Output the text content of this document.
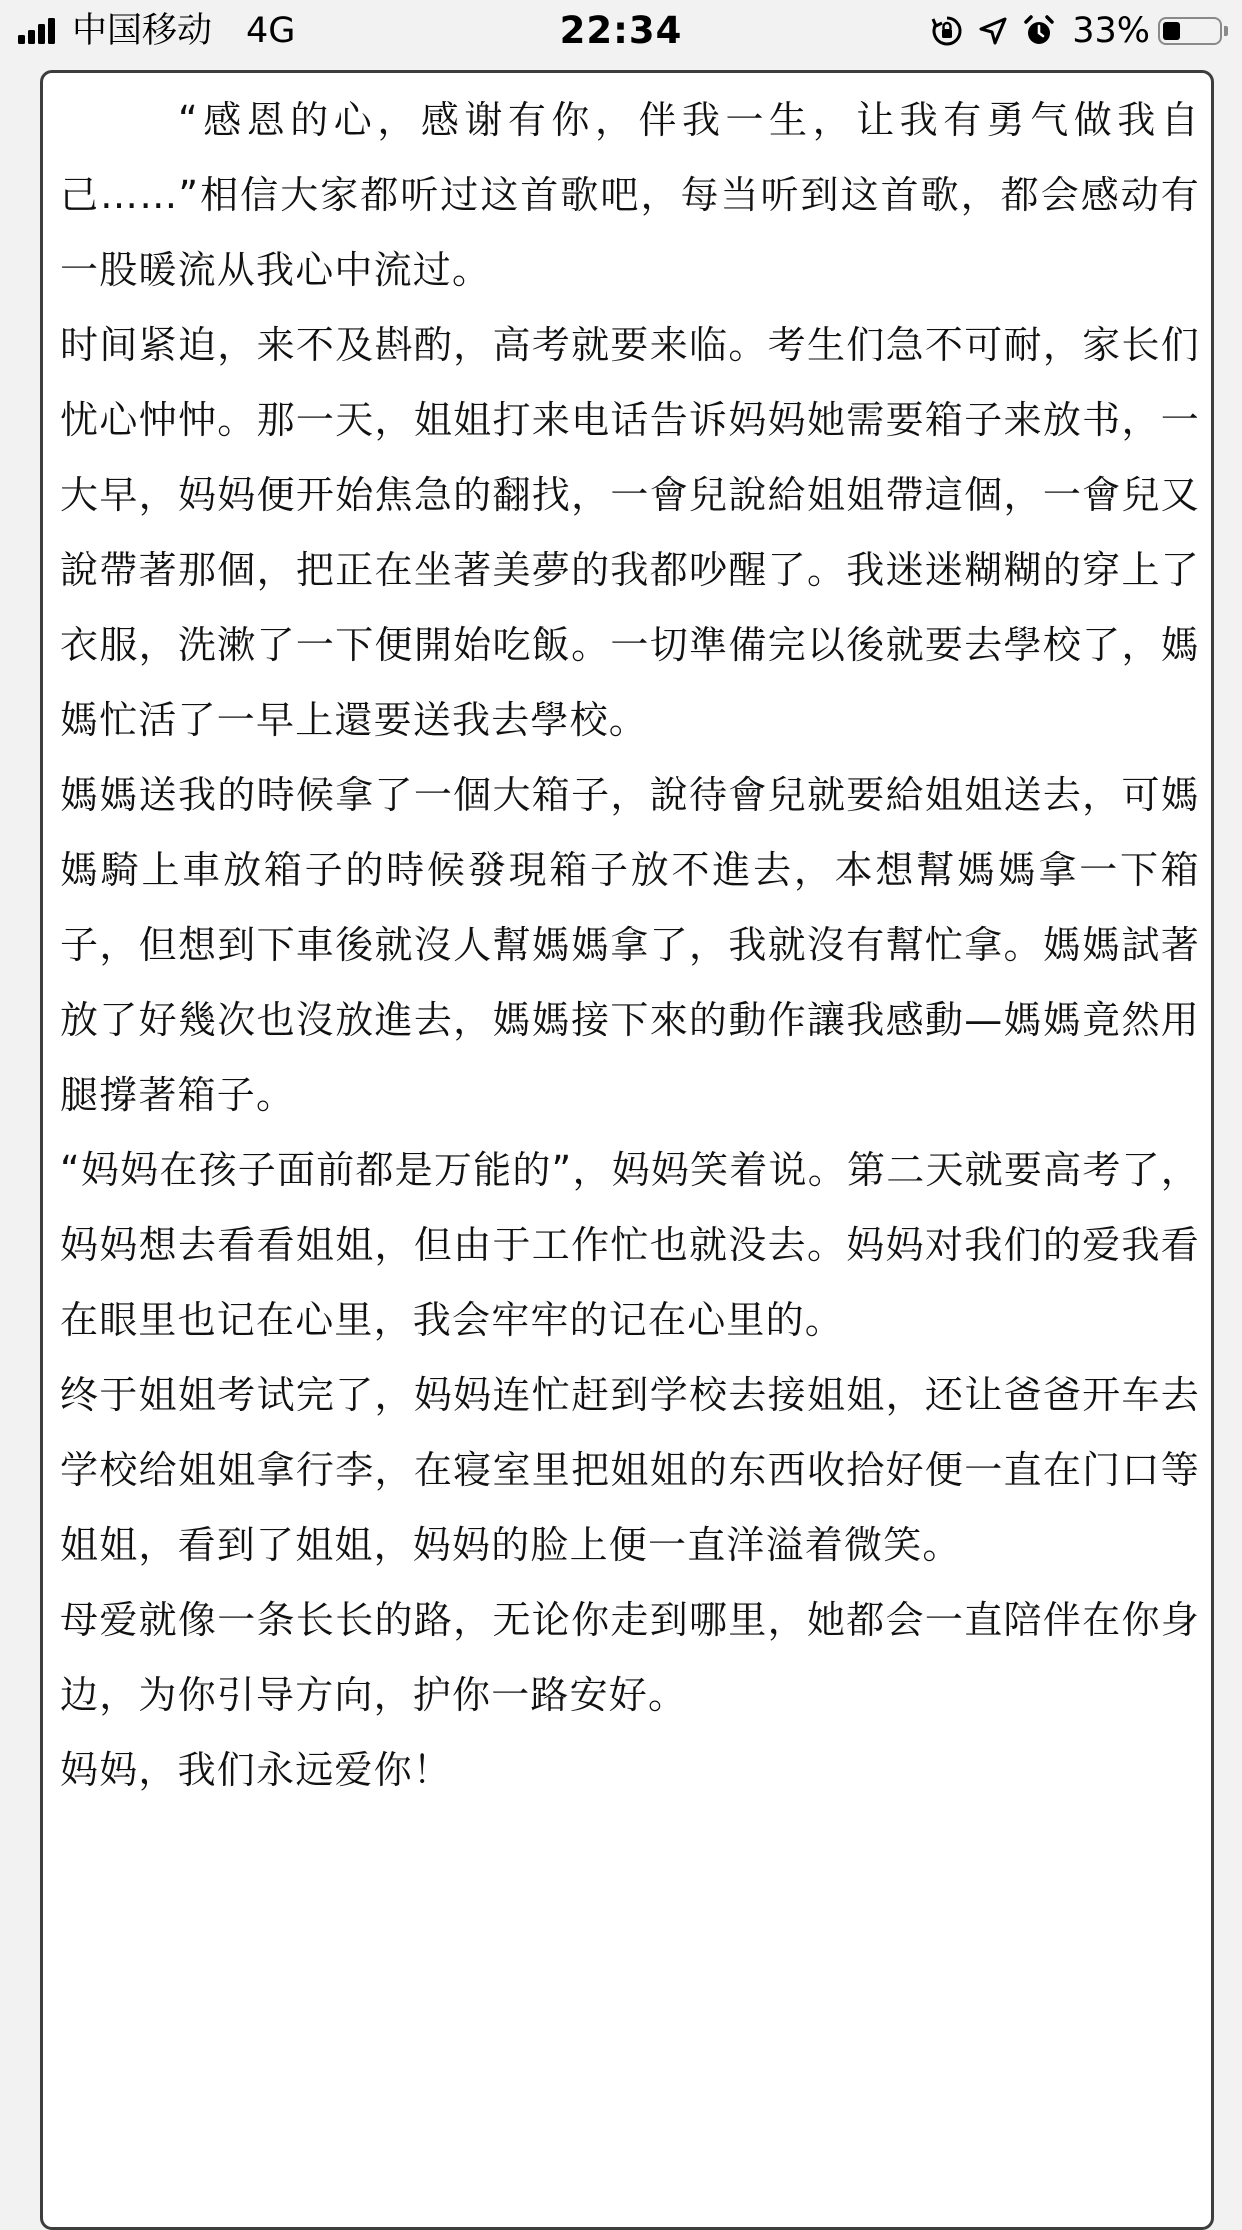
中国移动 4G	22:34	33%

“感恩的心，感谢有你，伴我一生，让我有勇气做我自己……”相信大家都听过这首歌吧，每当听到这首歌，都会感动有一股暖流从我心中流过。

时间紧迫，来不及斟酌，高考就要来临。考生们急不可耐，家长们忧心忡忡。那一天，姐姐打来电话告诉妈妈她需要箱子来放书，一大早，妈妈便开始焦急的翻找，一會兒說給姐姐帶這個，一會兒又說帶著那個，把正在坐著美夢的我都吵醒了。我迷迷糊糊的穿上了衣服，洗漱了一下便開始吃飯。一切準備完以後就要去學校了，媽媽忙活了一早上還要送我去學校。

媽媽送我的時候拿了一個大箱子，說待會兒就要給姐姐送去，可媽媽騎上車放箱子的時候發現箱子放不進去，本想幫媽媽拿一下箱子，但想到下車後就沒人幫媽媽拿了，我就沒有幫忙拿。媽媽試著放了好幾次也沒放進去，媽媽接下來的動作讓我感動—媽媽竟然用腿撐著箱子。

“妈妈在孩子面前都是万能的”，妈妈笑着说。第二天就要高考了，妈妈想去看看姐姐，但由于工作忙也就没去。妈妈对我们的爱我看在眼里也记在心里，我会牢牢的记在心里的。

终于姐姐考试完了，妈妈连忙赶到学校去接姐姐，还让爸爸开车去学校给姐姐拿行李，在寝室里把姐姐的东西收拾好便一直在门口等姐姐，看到了姐姐，妈妈的脸上便一直洋溢着微笑。

母爱就像一条长长的路，无论你走到哪里，她都会一直陪伴在你身边，为你引导方向，护你一路安好。

妈妈，我们永远爱你！
